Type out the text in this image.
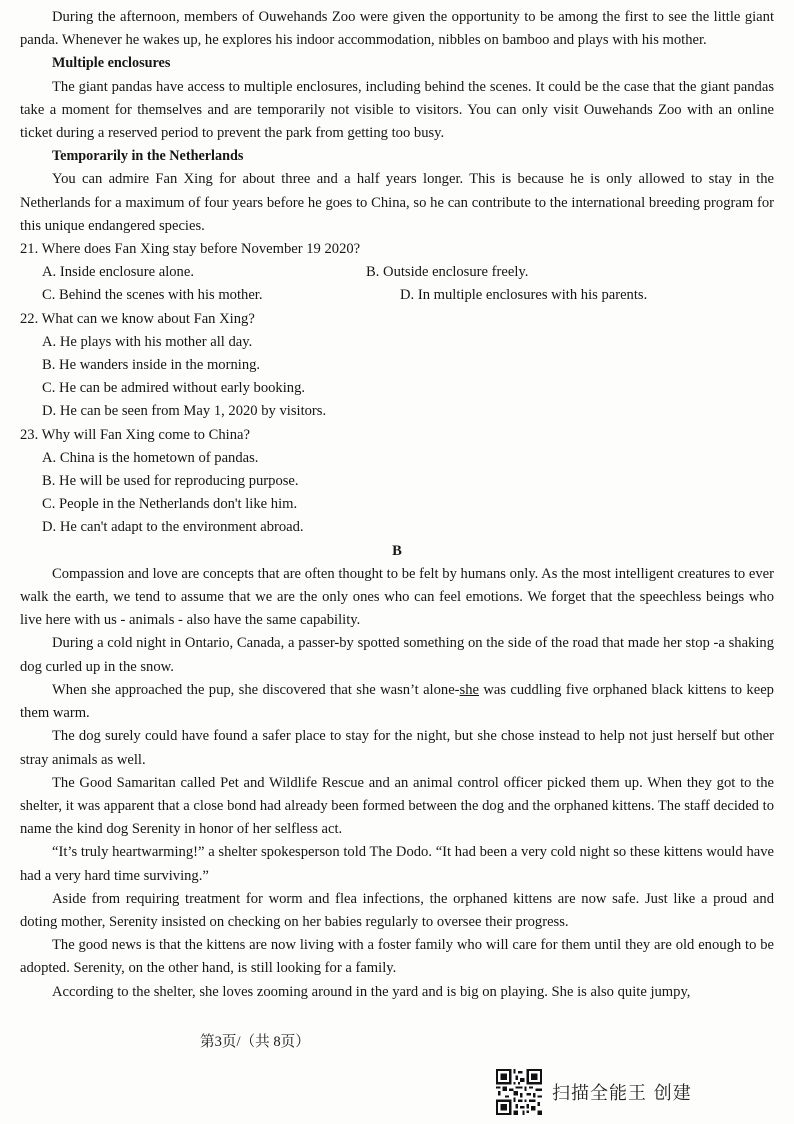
During the afternoon, members of Ouwehands Zoo were given the opportunity to be among the first to see the little giant panda. Whenever he wakes up, he explores his indoor accommodation, nibbles on bamboo and plays with his mother.

Multiple enclosures

The giant pandas have access to multiple enclosures, including behind the scenes. It could be the case that the giant pandas take a moment for themselves and are temporarily not visible to visitors. You can only visit Ouwehands Zoo with an online ticket during a reserved period to prevent the park from getting too busy.

Temporarily in the Netherlands

You can admire Fan Xing for about three and a half years longer. This is because he is only allowed to stay in the Netherlands for a maximum of four years before he goes to China, so he can contribute to the international breeding program for this unique endangered species.

21. Where does Fan Xing stay before November 19 2020?

A. Inside enclosure alone.	B. Outside enclosure freely.
C. Behind the scenes with his mother.	D. In multiple enclosures with his parents.

22. What can we know about Fan Xing?

A. He plays with his mother all day.

B. He wanders inside in the morning.

C. He can be admired without early booking.

D. He can be seen from May 1, 2020 by visitors.

23. Why will Fan Xing come to China?

A. China is the hometown of pandas.

B. He will be used for reproducing purpose.

C. People in the Netherlands don't like him.

D. He can't adapt to the environment abroad.

B

Compassion and love are concepts that are often thought to be felt by humans only. As the most intelligent creatures to ever walk the earth, we tend to assume that we are the only ones who can feel emotions. We forget that the speechless beings who live here with us - animals - also have the same capability.

During a cold night in Ontario, Canada, a passer-by spotted something on the side of the road that made her stop -a shaking dog curled up in the snow.

When she approached the pup, she discovered that she wasn’t alone-she was cuddling five orphaned black kittens to keep them warm.

The dog surely could have found a safer place to stay for the night, but she chose instead to help not just herself but other stray animals as well.

The Good Samaritan called Pet and Wildlife Rescue and an animal control officer picked them up. When they got to the shelter, it was apparent that a close bond had already been formed between the dog and the orphaned kittens. The staff decided to name the kind dog Serenity in honor of her selfless act.

“It’s truly heartwarming!” a shelter spokesperson told The Dodo. “It had been a very cold night so these kittens would have had a very hard time surviving.”

Aside from requiring treatment for worm and flea infections, the orphaned kittens are now safe. Just like a proud and doting mother, Serenity insisted on checking on her babies regularly to oversee their progress.

The good news is that the kittens are now living with a foster family who will care for them until they are old enough to be adopted. Serenity, on the other hand, is still looking for a family.

According to the shelter, she loves zooming around in the yard and is big on playing. She is also quite jumpy,

第3页/（共 8页）
扫描全能王 创建
